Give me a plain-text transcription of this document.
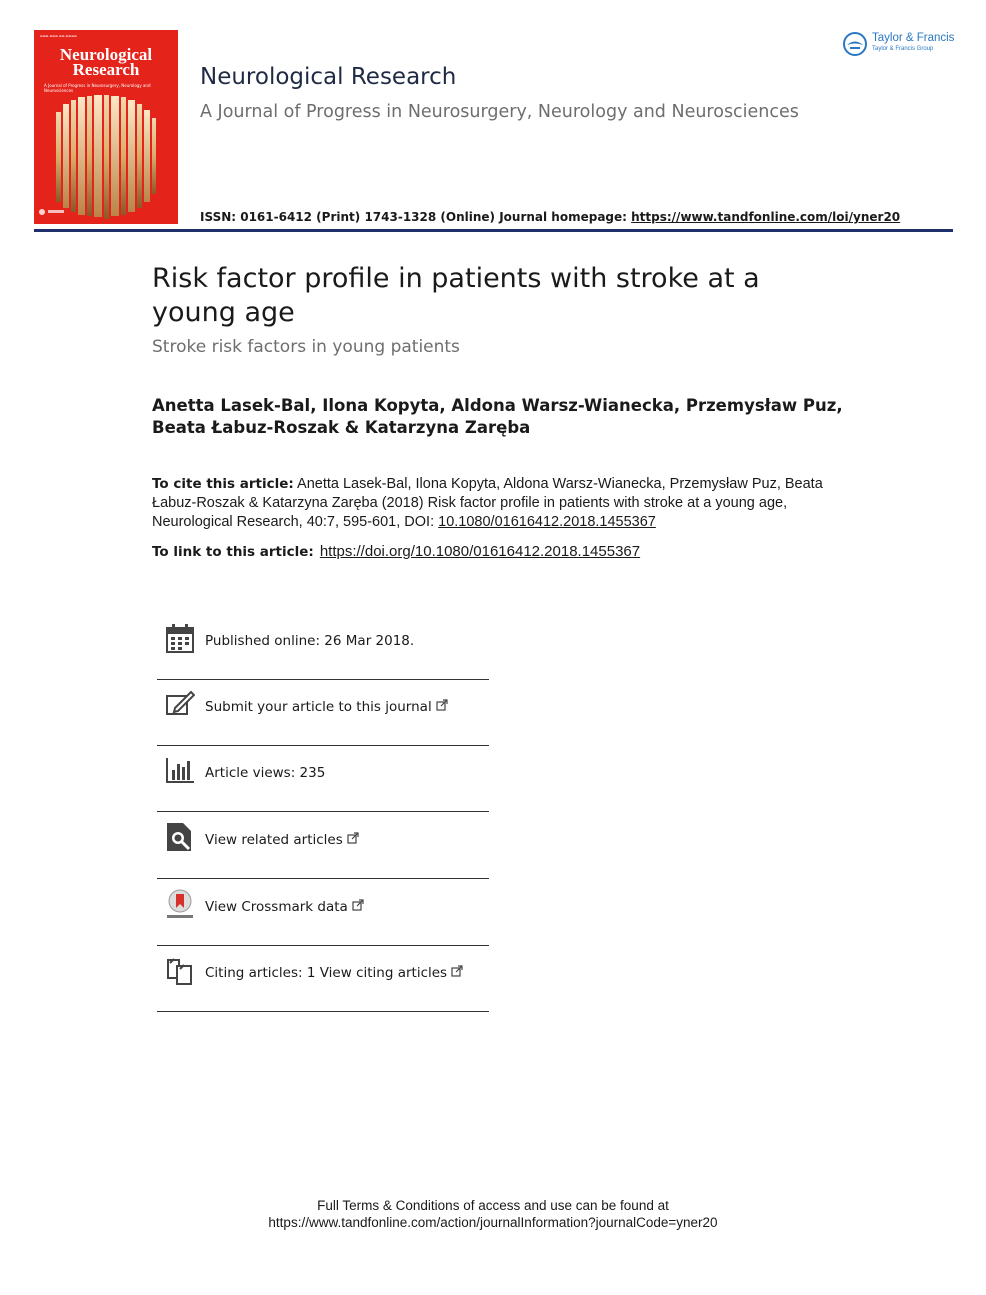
▬▬▬ ▬▬▬ ▬▬ ▬▬▬▬
Neurological
Research
A Journal of Progress in Neurosurgery, Neurology and Neurosciences
Neurological Research
A Journal of Progress in Neurosurgery, Neurology and Neurosciences
ISSN: 0161-6412 (Print) 1743-1328 (Online) Journal homepage: https://www.tandfonline.com/loi/yner20
Taylor & Francis
Taylor & Francis Group
Risk factor profile in patients with stroke at a young age
Stroke risk factors in young patients
Anetta Lasek-Bal, Ilona Kopyta, Aldona Warsz-Wianecka, Przemysław Puz, Beata Łabuz-Roszak & Katarzyna Zaręba
To cite this article: Anetta Lasek-Bal, Ilona Kopyta, Aldona Warsz-Wianecka, Przemysław Puz, Beata Łabuz-Roszak & Katarzyna Zaręba (2018) Risk factor profile in patients with stroke at a young age, Neurological Research, 40:7, 595-601, DOI: 10.1080/01616412.2018.1455367
To link to this article: https://doi.org/10.1080/01616412.2018.1455367
Published online: 26 Mar 2018.
Submit your article to this journal
Article views: 235
View related articles
View Crossmark data
Citing articles: 1 View citing articles
Full Terms & Conditions of access and use can be found at
https://www.tandfonline.com/action/journalInformation?journalCode=yner20
